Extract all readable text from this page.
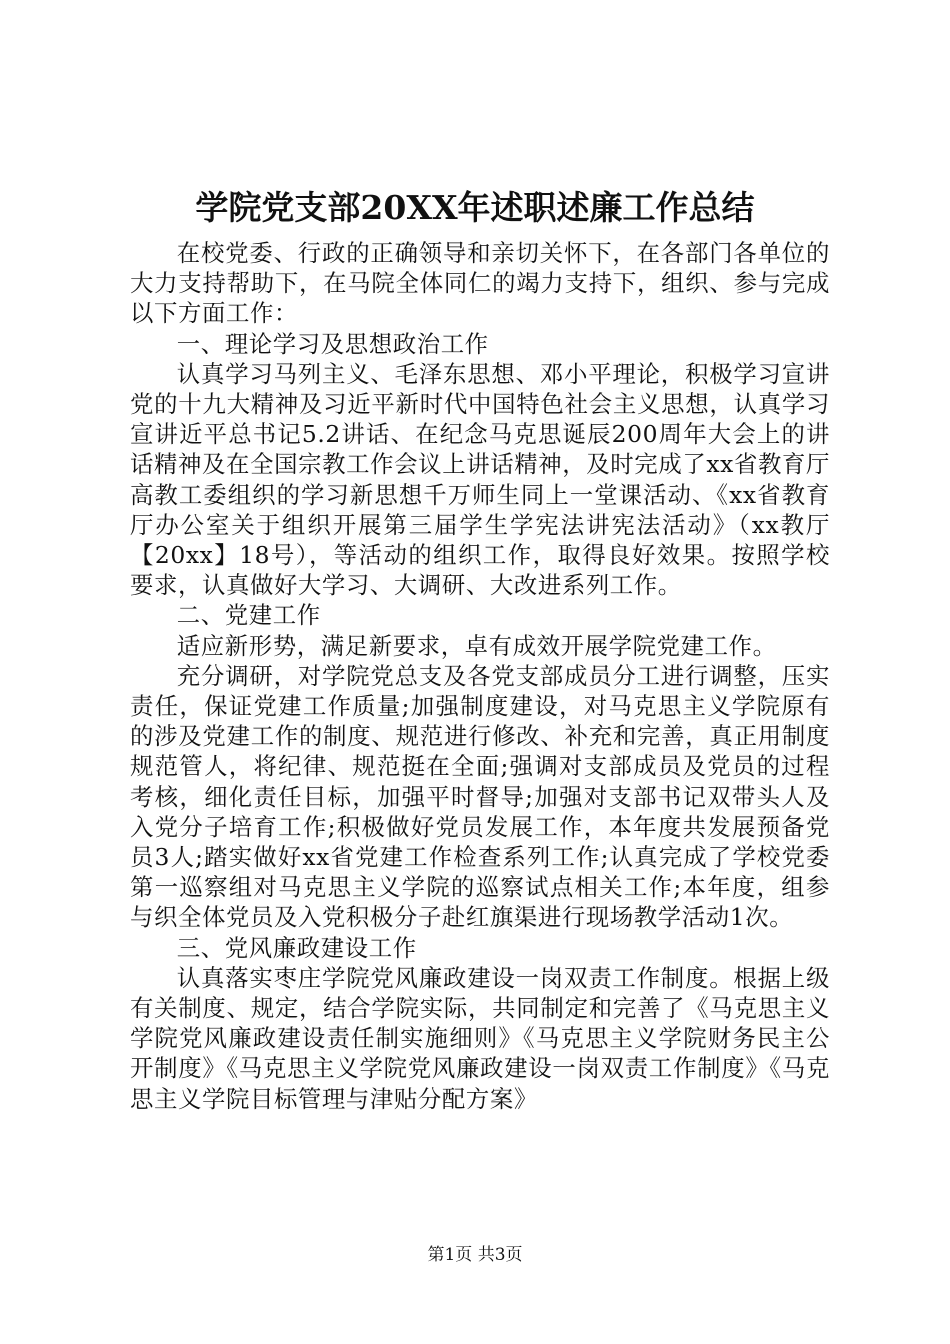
学院党支部20XX年述职述廉工作总结

在校党委、行政的正确领导和亲切关怀下，在各部门各单位的大力支持帮助下，在马院全体同仁的竭力支持下，组织、参与完成以下方面工作：

一、理论学习及思想政治工作

认真学习马列主义、毛泽东思想、邓小平理论，积极学习宣讲党的十九大精神及习近平新时代中国特色社会主义思想，认真学习宣讲近平总书记5.2讲话、在纪念马克思诞辰200周年大会上的讲话精神及在全国宗教工作会议上讲话精神，及时完成了xx省教育厅高教工委组织的学习新思想千万师生同上一堂课活动、《xx省教育厅办公室关于组织开展第三届学生学宪法讲宪法活动》（xx教厅【20xx】18号），等活动的组织工作，取得良好效果。按照学校要求，认真做好大学习、大调研、大改进系列工作。

二、党建工作

适应新形势，满足新要求，卓有成效开展学院党建工作。

充分调研，对学院党总支及各党支部成员分工进行调整，压实责任，保证党建工作质量;加强制度建设，对马克思主义学院原有的涉及党建工作的制度、规范进行修改、补充和完善，真正用制度规范管人，将纪律、规范挺在全面;强调对支部成员及党员的过程考核，细化责任目标，加强平时督导;加强对支部书记双带头人及入党分子培育工作;积极做好党员发展工作，本年度共发展预备党员3人;踏实做好xx省党建工作检查系列工作;认真完成了学校党委第一巡察组对马克思主义学院的巡察试点相关工作;本年度，组参与织全体党员及入党积极分子赴红旗渠进行现场教学活动1次。

三、党风廉政建设工作

认真落实枣庄学院党风廉政建设一岗双责工作制度。根据上级有关制度、规定，结合学院实际，共同制定和完善了《马克思主义学院党风廉政建设责任制实施细则》《马克思主义学院财务民主公开制度》《马克思主义学院党风廉政建设一岗双责工作制度》《马克思主义学院目标管理与津贴分配方案》

第1页 共3页
